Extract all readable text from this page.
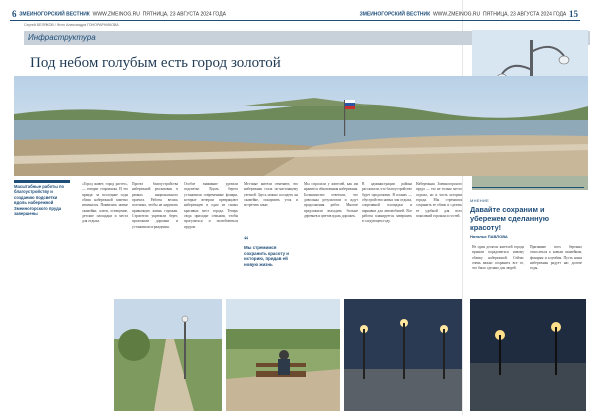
6 ЗМЕИНОГОРСКИЙ ВЕСТНИК WWW.ZMEINOG.RU ПЯТНИЦА, 23 АВГУСТА 2024 ГОДА	ЗМЕИНОГОРСКИЙ ВЕСТНИК WWW.ZMEINOG.RU ПЯТНИЦА, 23 АВГУСТА 2024 ГОДА 15
Сергей БЕЛЯКОВ / Фото Александра ГОНОРАРНИКОВА
Инфраструктура
Под небом голубым есть город золотой
Масштабные работы по благоустройству и созданию подсветки вдоль набережной Змеиногорского пруда завершены
«Город живет, город растет», — говорят старожилы. И это правда: за последние годы облик набережной заметно изменился. Появились новые скамейки, аллеи, освещение, детские площадки и места для отдыха.
Проект благоустройства набережной реализован в рамках национального проекта. Работы велись поэтапно, чтобы не нарушать привычную жизнь горожан. Строители укрепили берег, проложили дорожки и установили ограждения.
Особое внимание уделили подсветке. Вдоль берега установили современные фонари, которые вечером превращают набережную в одно из самых красивых мест города. Теперь сюда приходят семьями, чтобы прогуляться и полюбоваться прудом.
Местные жители отмечают, что набережная стала по-настоящему уютной. Здесь можно посидеть на скамейке, покормить уток и встретить закат.
Мы спросили у жителей, как им нравится обновленная набережная. Большинство ответили, что довольны результатом и ждут продолжения работ. Многие предложили высадить больше деревьев и цветов вдоль дорожек.
В администрации района рассказали, что благоустройство будет продолжено. В планах — обустройство новых зон отдыха, спортивной площадки и парковки для автомобилей. Все работы планируется завершить в следующем году.
Набережная Змеиногорского пруда — это не только место отдыха, но и часть истории города. Мы стремимся сохранить ее облик и сделать ее удобной для всех поколений горожан и гостей.
“
Мы стремимся сохранить красоту и историю, придав ей новую жизнь
МНЕНИЕ
Давайте сохраним и убережем сделанную красоту!
Наталья ПАВЛОВА
Не один десяток жителей города пришли порадоваться новому облику набережной. Сейчас очень важно сохранить все то, что было сделано для людей.
Призываю всех бережно относиться к новым скамейкам, фонарям и клумбам. Пусть наша набережная радует нас долгие годы.
